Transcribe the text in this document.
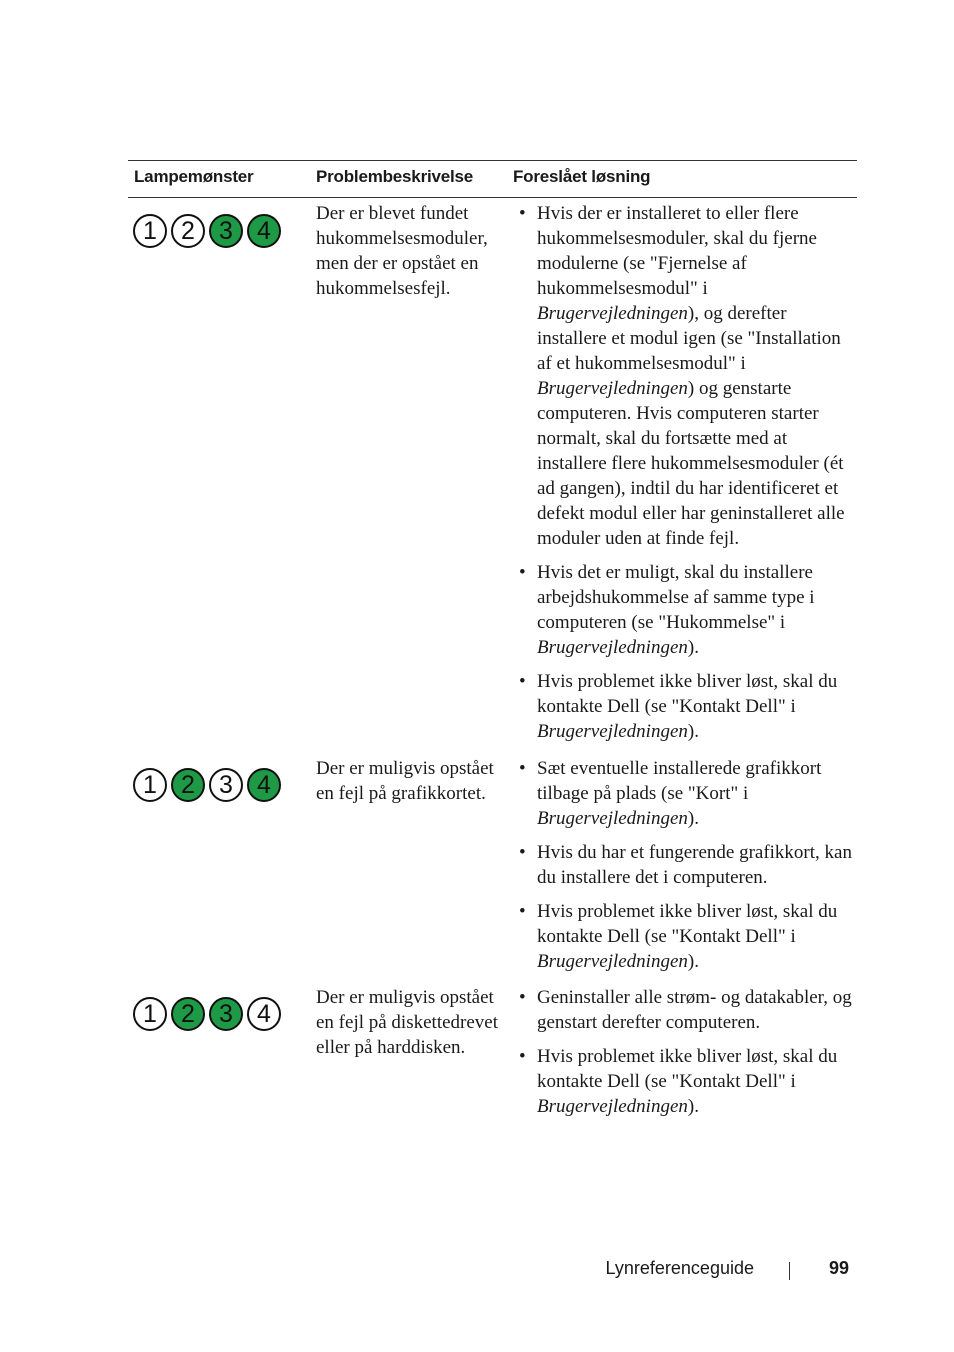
Lampemønster	Problembeskrivelse Foreslået løsning
1 2 3 4
Der er blevet fundet hukommelsesmoduler, men der er opstået en hukommelsesfejl.

• Hvis der er installeret to eller flere hukommelsesmoduler, skal du fjerne modulerne (se "Fjernelse af hukommelsesmodul" i Brugervejledningen), og derefter installere et modul igen (se "Installation af et hukommelsesmodul" i Brugervejledningen) og genstarte computeren. Hvis computeren starter normalt, skal du fortsætte med at installere flere hukommelsesmoduler (ét ad gangen), indtil du har identificeret et defekt modul eller har geninstalleret alle moduler uden at finde fejl.

• Hvis det er muligt, skal du installere arbejdshukommelse af samme type i computeren (se "Hukommelse" i Brugervejledningen).

• Hvis problemet ikke bliver løst, skal du kontakte Dell (se "Kontakt Dell" i Brugervejledningen).

1 2 3 4
Der er muligvis opstået en fejl på grafikkortet.

• Sæt eventuelle installerede grafikkort tilbage på plads (se "Kort" i Brugervejledningen).

• Hvis du har et fungerende grafikkort, kan du installere det i computeren.

• Hvis problemet ikke bliver løst, skal du kontakte Dell (se "Kontakt Dell" i Brugervejledningen).

1 2 3 4
Der er muligvis opstået en fejl på diskettedrevet eller på harddisken.

• Geninstaller alle strøm- og datakabler, og genstart derefter computeren.

• Hvis problemet ikke bliver løst, skal du kontakte Dell (se "Kontakt Dell" i Brugervejledningen).

Lynreferenceguide	99
